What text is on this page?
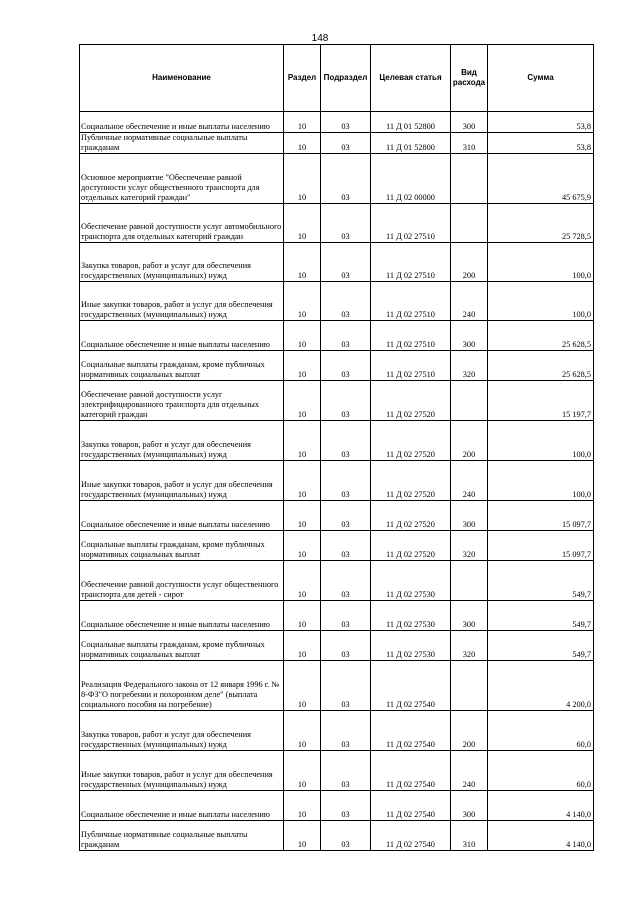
148
Наименование	Раздел	Подраздел	Целевая статья	Вид расхода	Сумма
Социальное обеспечение и иные выплаты населению	10	03	11 Д 01 52800	300	53,8
Публичные нормативные социальные выплаты гражданам	10	03	11 Д 01 52800	310	53,8
Основное мероприятие "Обеспечение равной доступности услуг общественного транспорта для отдельных категорий граждан"	10	03	11 Д 02 00000		45 675,9
Обеспечение равной доступности услуг автомобильного транспорта для отдельных категорий граждан	10	03	11 Д 02 27510		25 728,5
Закупка товаров, работ и услуг для обеспечения государственных (муниципальных) нужд	10	03	11 Д 02 27510	200	100,0
Иные закупки товаров, работ и услуг для обеспечения государственных (муниципальных) нужд	10	03	11 Д 02 27510	240	100,0
Социальное обеспечение и иные выплаты населению	10	03	11 Д 02 27510	300	25 628,5
Социальные выплаты гражданам, кроме публичных нормативных социальных выплат	10	03	11 Д 02 27510	320	25 628,5
Обеспечение равной доступности услуг электрифицированного транспорта для отдельных категорий граждан	10	03	11 Д 02 27520		15 197,7
Закупка товаров, работ и услуг для обеспечения государственных (муниципальных) нужд	10	03	11 Д 02 27520	200	100,0
Иные закупки товаров, работ и услуг для обеспечения государственных (муниципальных) нужд	10	03	11 Д 02 27520	240	100,0
Социальное обеспечение и иные выплаты населению	10	03	11 Д 02 27520	300	15 097,7
Социальные выплаты гражданам, кроме публичных нормативных социальных выплат	10	03	11 Д 02 27520	320	15 097,7
Обеспечение равной доступности услуг общественного транспорта для детей - сирот	10	03	11 Д 02 27530		549,7
Социальное обеспечение и иные выплаты населению	10	03	11 Д 02 27530	300	549,7
Социальные выплаты гражданам, кроме публичных нормативных социальных выплат	10	03	11 Д 02 27530	320	549,7
Реализация Федерального закона от 12 января 1996 г. № 8-ФЗ"О погребении и похоронном деле" (выплата социального пособия на погребение)	10	03	11 Д 02 27540		4 200,0
Закупка товаров, работ и услуг для обеспечения государственных (муниципальных) нужд	10	03	11 Д 02 27540	200	60,0
Иные закупки товаров, работ и услуг для обеспечения государственных (муниципальных) нужд	10	03	11 Д 02 27540	240	60,0
Социальное обеспечение и иные выплаты населению	10	03	11 Д 02 27540	300	4 140,0
Публичные нормативные социальные выплаты гражданам	10	03	11 Д 02 27540	310	4 140,0
